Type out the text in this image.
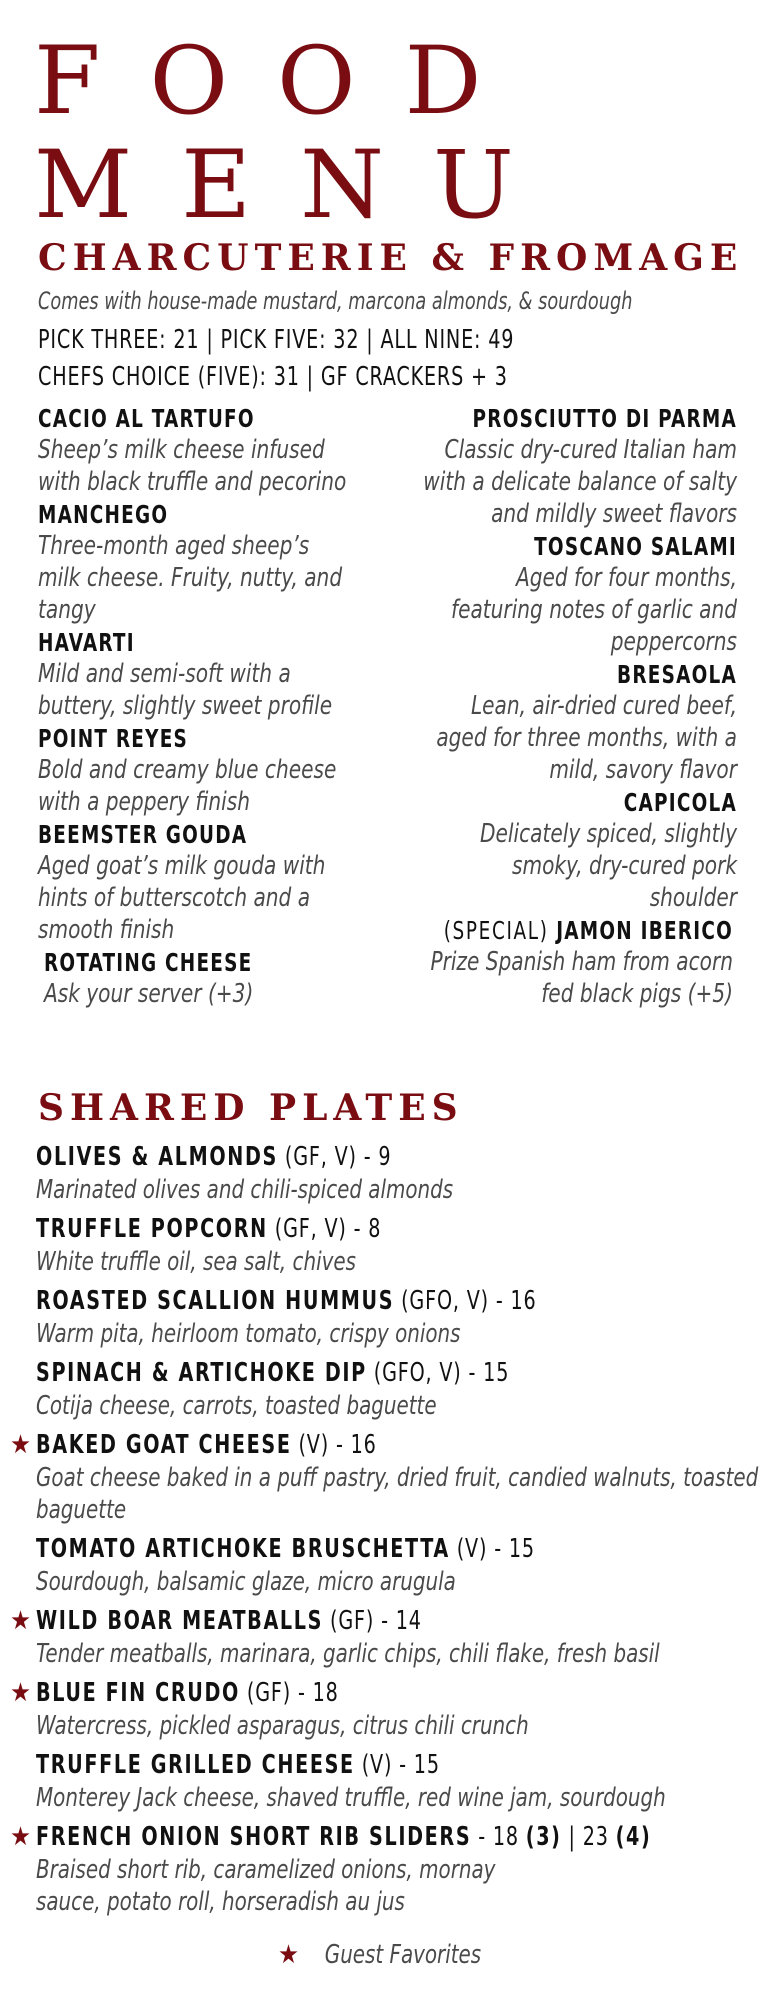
FOOD
MENU
CHARCUTERIE & FROMAGE
Comes with house-made mustard, marcona almonds, & sourdough
PICK THREE: 21 | PICK FIVE: 32 | ALL NINE: 49
CHEFS CHOICE (FIVE): 31 | GF CRACKERS + 3
CACIO AL TARTUFO
Sheep’s milk cheese infused with black truffle and pecorino
MANCHEGO
Three-month aged sheep’s milk cheese. Fruity, nutty, and tangy
HAVARTI
Mild and semi-soft with a buttery, slightly sweet profile
POINT REYES
Bold and creamy blue cheese with a peppery finish
BEEMSTER GOUDA
Aged goat’s milk gouda with hints of butterscotch and a smooth finish
ROTATING CHEESE
Ask your server (+3)
PROSCIUTTO DI PARMA
Classic dry-cured Italian ham with a delicate balance of salty and mildly sweet flavors
TOSCANO SALAMI
Aged for four months, featuring notes of garlic and peppercorns
BRESAOLA
Lean, air-dried cured beef, aged for three months, with a mild, savory flavor
CAPICOLA
Delicately spiced, slightly smoky, dry-cured pork shoulder
(SPECIAL) JAMON IBERICO
Prize Spanish ham from acorn fed black pigs (+5)
SHARED PLATES
OLIVES & ALMONDS (GF, V) - 9
Marinated olives and chili-spiced almonds
TRUFFLE POPCORN (GF, V) - 8
White truffle oil, sea salt, chives
ROASTED SCALLION HUMMUS (GFO, V) - 16
Warm pita, heirloom tomato, crispy onions
SPINACH & ARTICHOKE DIP (GFO, V) - 15
Cotija cheese, carrots, toasted baguette
★ BAKED GOAT CHEESE (V) - 16
Goat cheese baked in a puff pastry, dried fruit, candied walnuts, toasted baguette
TOMATO ARTICHOKE BRUSCHETTA (V) - 15
Sourdough, balsamic glaze, micro arugula
★ WILD BOAR MEATBALLS (GF) - 14
Tender meatballs, marinara, garlic chips, chili flake, fresh basil
★ BLUE FIN CRUDO (GF) - 18
Watercress, pickled asparagus, citrus chili crunch
TRUFFLE GRILLED CHEESE (V) - 15
Monterey Jack cheese, shaved truffle, red wine jam, sourdough
★ FRENCH ONION SHORT RIB SLIDERS - 18 (3) | 23 (4)
Braised short rib, caramelized onions, mornay sauce, potato roll, horseradish au jus
★ Guest Favorites
